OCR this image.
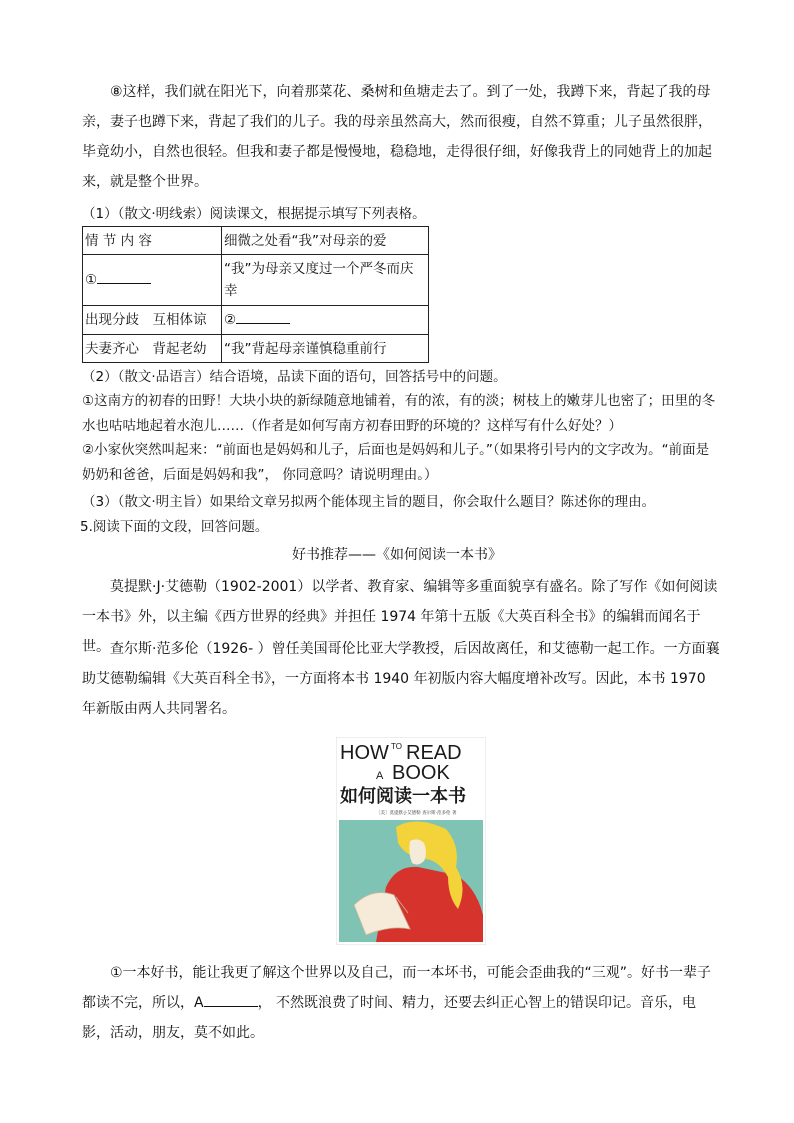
⑧这样，我们就在阳光下，向着那菜花、桑树和鱼塘走去了。到了一处，我蹲下来，背起了我的母亲，妻子也蹲下来，背起了我们的儿子。我的母亲虽然高大，然而很瘦，自然不算重；儿子虽然很胖，毕竟幼小，自然也很轻。但我和妻子都是慢慢地，稳稳地，走得很仔细，好像我背上的同她背上的加起来，就是整个世界。

（1）（散文·明线索）阅读课文，根据提示填写下列表格。

情 节 内 容	细微之处看“我”对母亲的爱
①	“我”为母亲又度过一个严冬而庆幸
出现分歧　互相体谅	②
夫妻齐心　背起老幼	“我”背起母亲谨慎稳重前行

（2）（散文·品语言）结合语境，品读下面的语句，回答括号中的问题。

①这南方的初春的田野！大块小块的新绿随意地铺着，有的浓，有的淡；树枝上的嫩芽儿也密了；田里的冬水也咕咕地起着水泡儿……（作者是如何写南方初春田野的环境的？这样写有什么好处？）

②小家伙突然叫起来：“前面也是妈妈和儿子，后面也是妈妈和儿子。”（如果将引号内的文字改为。“前面是奶奶和爸爸，后面是妈妈和我”， 你同意吗？请说明理由。）

（3）（散文·明主旨）如果给文章另拟两个能体现主旨的题目，你会取什么题目？陈述你的理由。

5.阅读下面的文段，回答问题。

好书推荐——《如何阅读一本书》

莫提默·J·艾德勒（1902-2001）以学者、教育家、编辑等多重面貌享有盛名。除了写作《如何阅读一本书》外，以主编《西方世界的经典》并担任 1974 年第十五版《大英百科全书》的编辑而闻名于世。 查尔斯·范多伦（1926- ）曾任美国哥伦比亚大学教授，后因故离任，和艾德勒一起工作。一方面襄助艾德勒编辑《大英百科全书》，一方面将本书 1940 年初版内容大幅度增补改写。因此，本书 1970 年新版由两人共同署名。

HOW TO READ
A BOOK
如何阅读一本书
［美］莫提默·J·艾德勒 查尔斯·范多伦 著

①一本好书，能让我更了解这个世界以及自己，而一本坏书，可能会歪曲我的“三观”。好书一辈子都读不完，所以，A	， 不然既浪费了时间、精力，还要去纠正心智上的错误印记。音乐，电影，活动，朋友，莫不如此。
